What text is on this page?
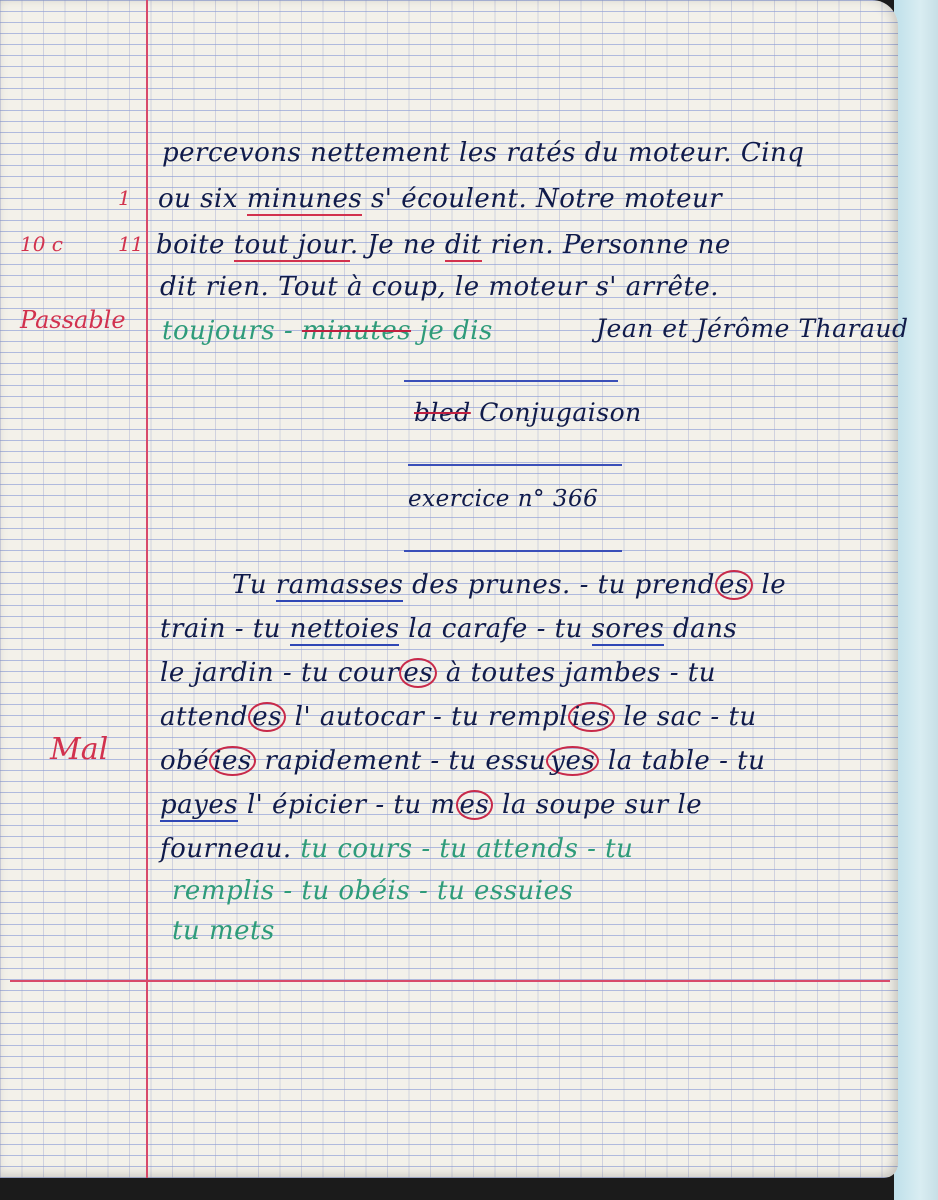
1
10 c	11
Passable
Mal
percevons nettement les ratés du moteur. Cinq
ou six minunes s' écoulent. Notre moteur
boite tout jour. Je ne dit rien. Personne ne
dit rien. Tout à coup, le moteur s' arrête.
toujours - minutes je dis	Jean et Jérôme Tharaud
bled Conjugaison
exercice n° 366
Tu ramasses des prunes. - tu prend es le
train - tu nettoies la carafe - tu sores dans
le jardin - tu cour es à toutes jambes - tu
attend es l' autocar - tu rempl ies le sac - tu
obé ies rapidement - tu essu yes la table - tu
payes l' épicier - tu m es la soupe sur le
fourneau. tu cours - tu attends - tu
remplis - tu obéis - tu essuies
tu mets
